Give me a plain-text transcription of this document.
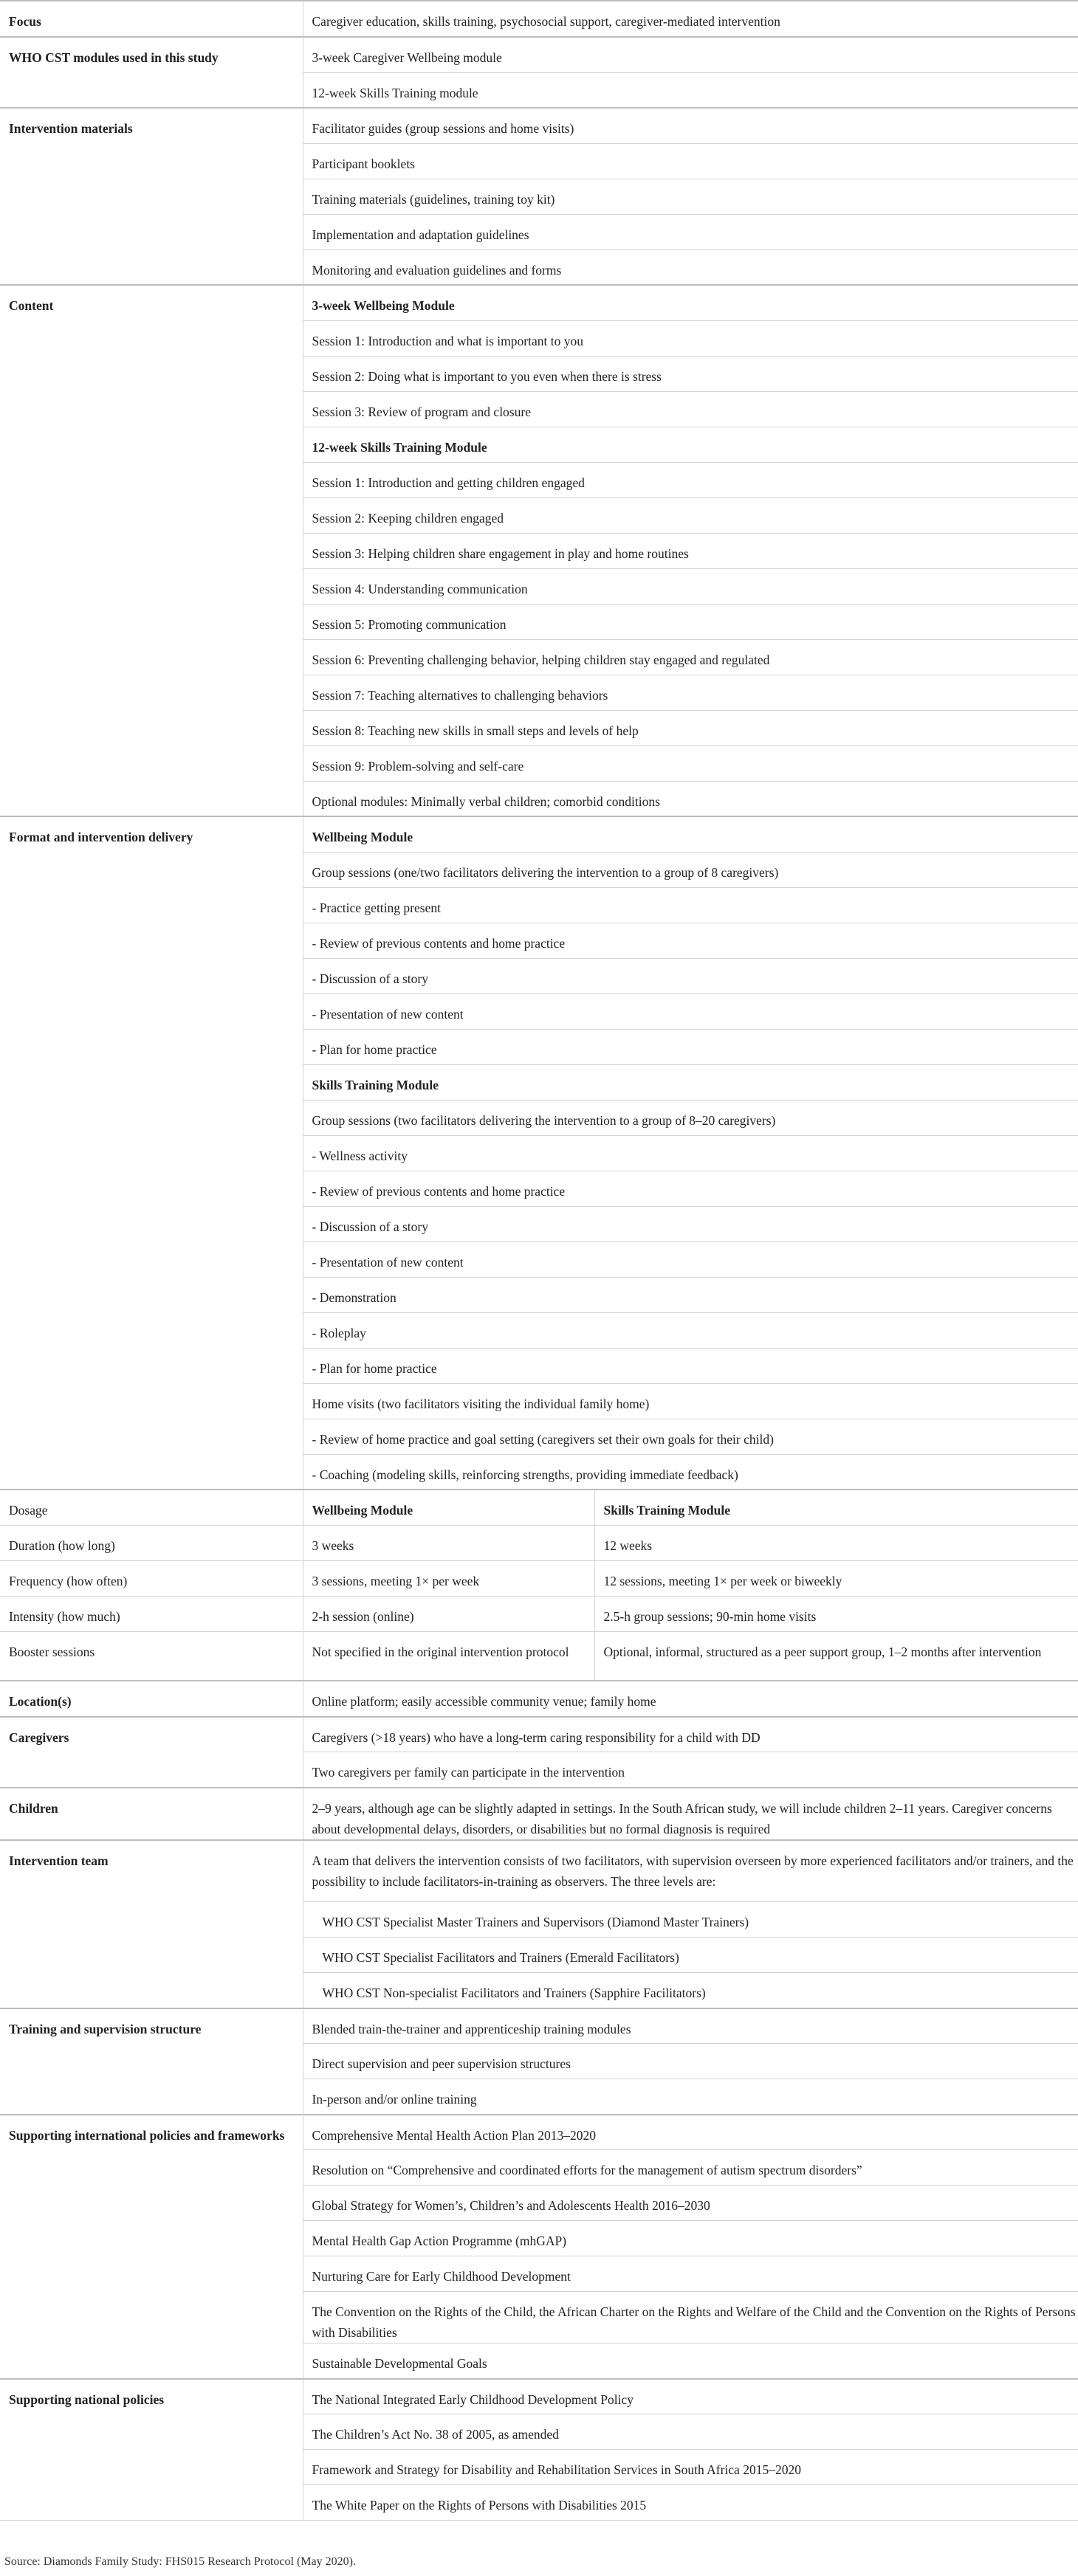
Focus	Caregiver education, skills training, psychosocial support, caregiver-mediated intervention	
WHO CST modules used in this study	3-week Caregiver Wellbeing module	
	12-week Skills Training module	
Intervention materials	Facilitator guides (group sessions and home visits)	
	Participant booklets	
	Training materials (guidelines, training toy kit)	
	Implementation and adaptation guidelines	
	Monitoring and evaluation guidelines and forms	
Content	3-week Wellbeing Module	
	Session 1: Introduction and what is important to you	
	Session 2: Doing what is important to you even when there is stress	
	Session 3: Review of program and closure	
	12-week Skills Training Module	
	Session 1: Introduction and getting children engaged	
	Session 2: Keeping children engaged	
	Session 3: Helping children share engagement in play and home routines	
	Session 4: Understanding communication	
	Session 5: Promoting communication	
	Session 6: Preventing challenging behavior, helping children stay engaged and regulated	
	Session 7: Teaching alternatives to challenging behaviors	
	Session 8: Teaching new skills in small steps and levels of help	
	Session 9: Problem-solving and self-care	
	Optional modules: Minimally verbal children; comorbid conditions	
Format and intervention delivery	Wellbeing Module	
	Group sessions (one/two facilitators delivering the intervention to a group of 8 caregivers)	
	- Practice getting present	
	- Review of previous contents and home practice	
	- Discussion of a story	
	- Presentation of new content	
	- Plan for home practice	
	Skills Training Module	
	Group sessions (two facilitators delivering the intervention to a group of 8–20 caregivers)	
	- Wellness activity	
	- Review of previous contents and home practice	
	- Discussion of a story	
	- Presentation of new content	
	- Demonstration	
	- Roleplay	
	- Plan for home practice	
	Home visits (two facilitators visiting the individual family home)	
	- Review of home practice and goal setting (caregivers set their own goals for their child)	
	- Coaching (modeling skills, reinforcing strengths, providing immediate feedback)	
Dosage	Wellbeing Module	Skills Training Module
Duration (how long)	3 weeks	12 weeks
Frequency (how often)	3 sessions, meeting 1× per week	12 sessions, meeting 1× per week or biweekly
Intensity (how much)	2-h session (online)	2.5-h group sessions; 90-min home visits
Booster sessions	Not specified in the original intervention protocol	Optional, informal, structured as a peer support group, 1–2 months after intervention
Location(s)	Online platform; easily accessible community venue; family home	
Caregivers	Caregivers (>18 years) who have a long-term caring responsibility for a child with DD	
	Two caregivers per family can participate in the intervention	
Children	2–9 years, although age can be slightly adapted in settings. In the South African study, we will include children 2–11 years. Caregiver concerns about developmental delays, disorders, or disabilities but no formal diagnosis is required	
Intervention team	A team that delivers the intervention consists of two facilitators, with supervision overseen by more experienced facilitators and/or trainers, and the possibility to include facilitators-in-training as observers. The three levels are:	
	WHO CST Specialist Master Trainers and Supervisors (Diamond Master Trainers)	
	WHO CST Specialist Facilitators and Trainers (Emerald Facilitators)	
	WHO CST Non-specialist Facilitators and Trainers (Sapphire Facilitators)	
Training and supervision structure	Blended train-the-trainer and apprenticeship training modules	
	Direct supervision and peer supervision structures	
	In-person and/or online training	
Supporting international policies and frameworks	Comprehensive Mental Health Action Plan 2013–2020	
	Resolution on “Comprehensive and coordinated efforts for the management of autism spectrum disorders”	
	Global Strategy for Women’s, Children’s and Adolescents Health 2016–2030	
	Mental Health Gap Action Programme (mhGAP)	
	Nurturing Care for Early Childhood Development	
	The Convention on the Rights of the Child, the African Charter on the Rights and Welfare of the Child and the Convention on the Rights of Persons with Disabilities	
	Sustainable Developmental Goals	
Supporting national policies	The National Integrated Early Childhood Development Policy	
	The Children’s Act No. 38 of 2005, as amended	
	Framework and Strategy for Disability and Rehabilitation Services in South Africa 2015–2020	
	The White Paper on the Rights of Persons with Disabilities 2015	
Source: Diamonds Family Study: FHS015 Research Protocol (May 2020).
